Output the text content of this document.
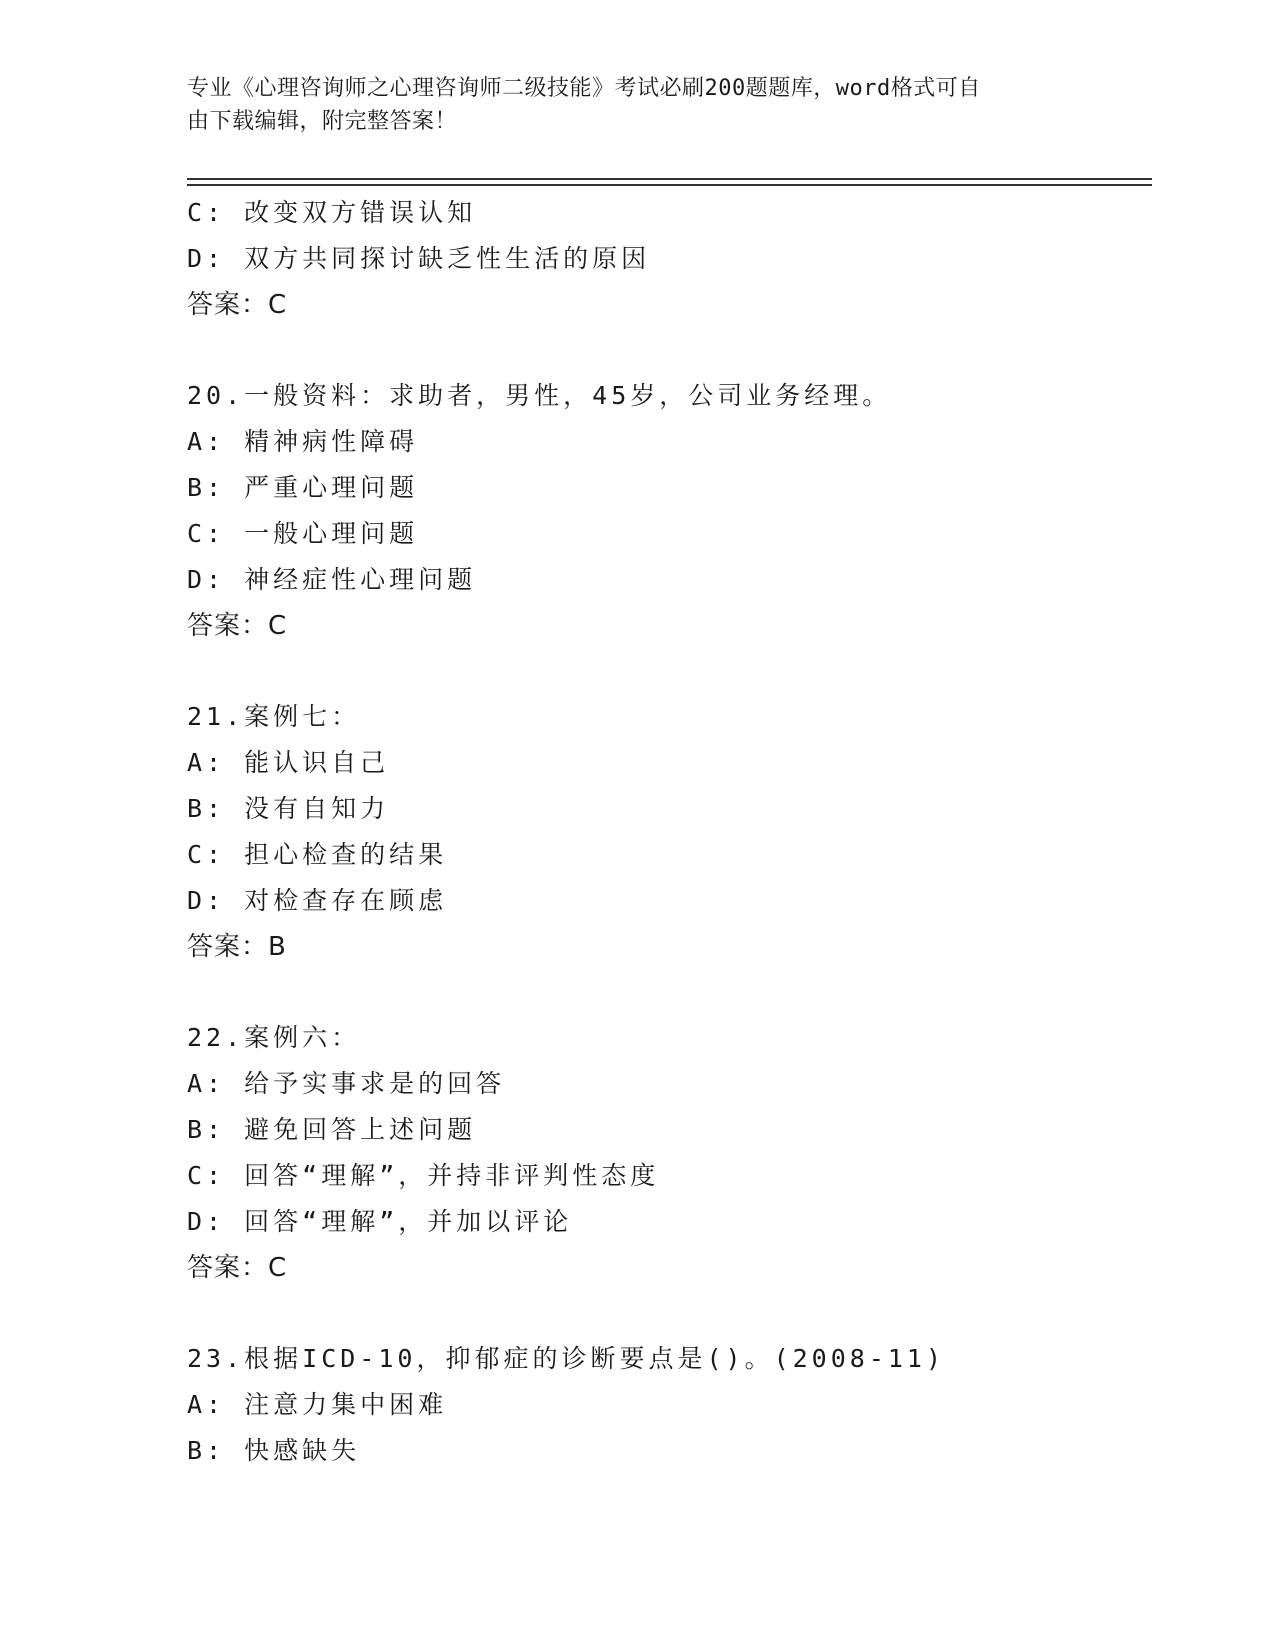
专业《心理咨询师之心理咨询师二级技能》考试必刷200题题库，word格式可自

由下载编辑，附完整答案！

C: 改变双方错误认知
D: 双方共同探讨缺乏性生活的原因
答案：C
20.一般资料：求助者，男性，45岁，公司业务经理。
A: 精神病性障碍
B: 严重心理问题
C: 一般心理问题
D: 神经症性心理问题
答案：C
21.案例七：
A: 能认识自己
B: 没有自知力
C: 担心检查的结果
D: 对检查存在顾虑
答案：B
22.案例六：
A: 给予实事求是的回答
B: 避免回答上述问题
C: 回答“理解”，并持非评判性态度
D: 回答“理解”，并加以评论
答案：C
23.根据ICD-10，抑郁症的诊断要点是()。(2008-11)
A: 注意力集中困难
B: 快感缺失
